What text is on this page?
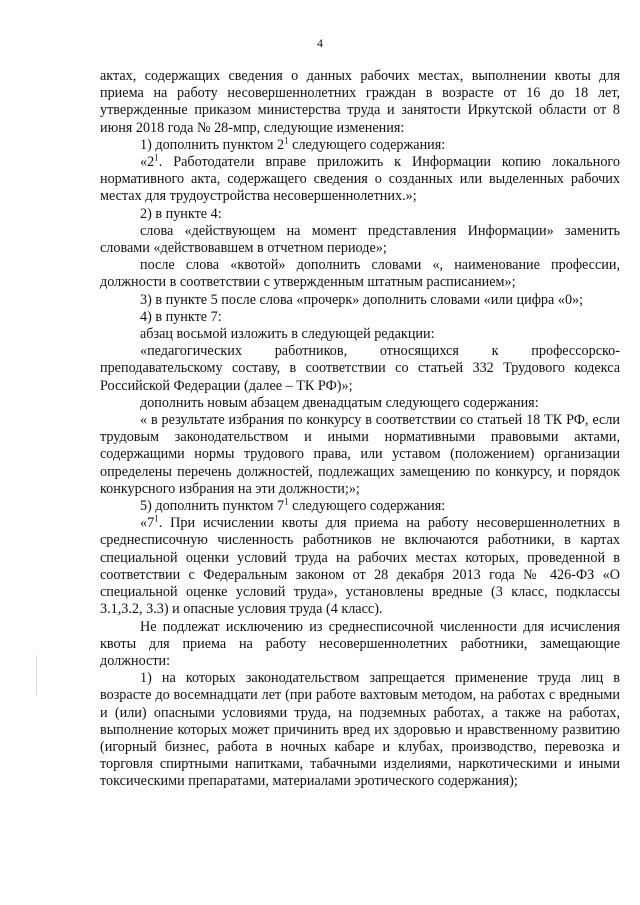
4

актах, содержащих сведения о данных рабочих местах, выполнении квоты для приема на работу несовершеннолетних граждан в возрасте от 16 до 18 лет, утвержденные приказом министерства труда и занятости Иркутской области от 8 июня 2018 года № 28-мпр, следующие изменения:

1) дополнить пунктом $2^1$ следующего содержания:

«$2^1$. Работодатели вправе приложить к Информации копию локального нормативного акта, содержащего сведения о созданных или выделенных рабочих местах для трудоустройства несовершеннолетних.»;

2) в пункте 4:

слова «действующем на момент представления Информации» заменить словами «действовавшем в отчетном периоде»;

после слова «квотой» дополнить словами «, наименование профессии, должности в соответствии с утвержденным штатным расписанием»;

3) в пункте 5 после слова «прочерк» дополнить словами «или цифра «0»;

4) в пункте 7:

абзац восьмой изложить в следующей редакции:

«педагогических работников, относящихся к профессорско-преподавательскому составу, в соответствии со статьей 332 Трудового кодекса Российской Федерации (далее – ТК РФ)»;

дополнить новым абзацем двенадцатым следующего содержания:

« в результате избрания по конкурсу в соответствии со статьей 18 ТК РФ, если трудовым законодательством и иными нормативными правовыми актами, содержащими нормы трудового права, или уставом (положением) организации определены перечень должностей, подлежащих замещению по конкурсу, и порядок конкурсного избрания на эти должности;»;

5) дополнить пунктом $7^1$ следующего содержания:

«$7^1$. При исчислении квоты для приема на работу несовершеннолетних в среднесписочную численность работников не включаются работники, в картах специальной оценки условий труда на рабочих местах которых, проведенной в соответствии с Федеральным законом от 28 декабря 2013 года № 426-ФЗ «О специальной оценке условий труда», установлены вредные (3 класс, подклассы 3.1,3.2, 3.3) и опасные условия труда (4 класс).

Не подлежат исключению из среднесписочной численности для исчисления квоты для приема на работу несовершеннолетних работники, замещающие должности:

1) на которых законодательством запрещается применение труда лиц в возрасте до восемнадцати лет (при работе вахтовым методом, на работах с вредными и (или) опасными условиями труда, на подземных работах, а также на работах, выполнение которых может причинить вред их здоровью и нравственному развитию (игорный бизнес, работа в ночных кабаре и клубах, производство, перевозка и торговля спиртными напитками, табачными изделиями, наркотическими и иными токсическими препаратами, материалами эротического содержания);
